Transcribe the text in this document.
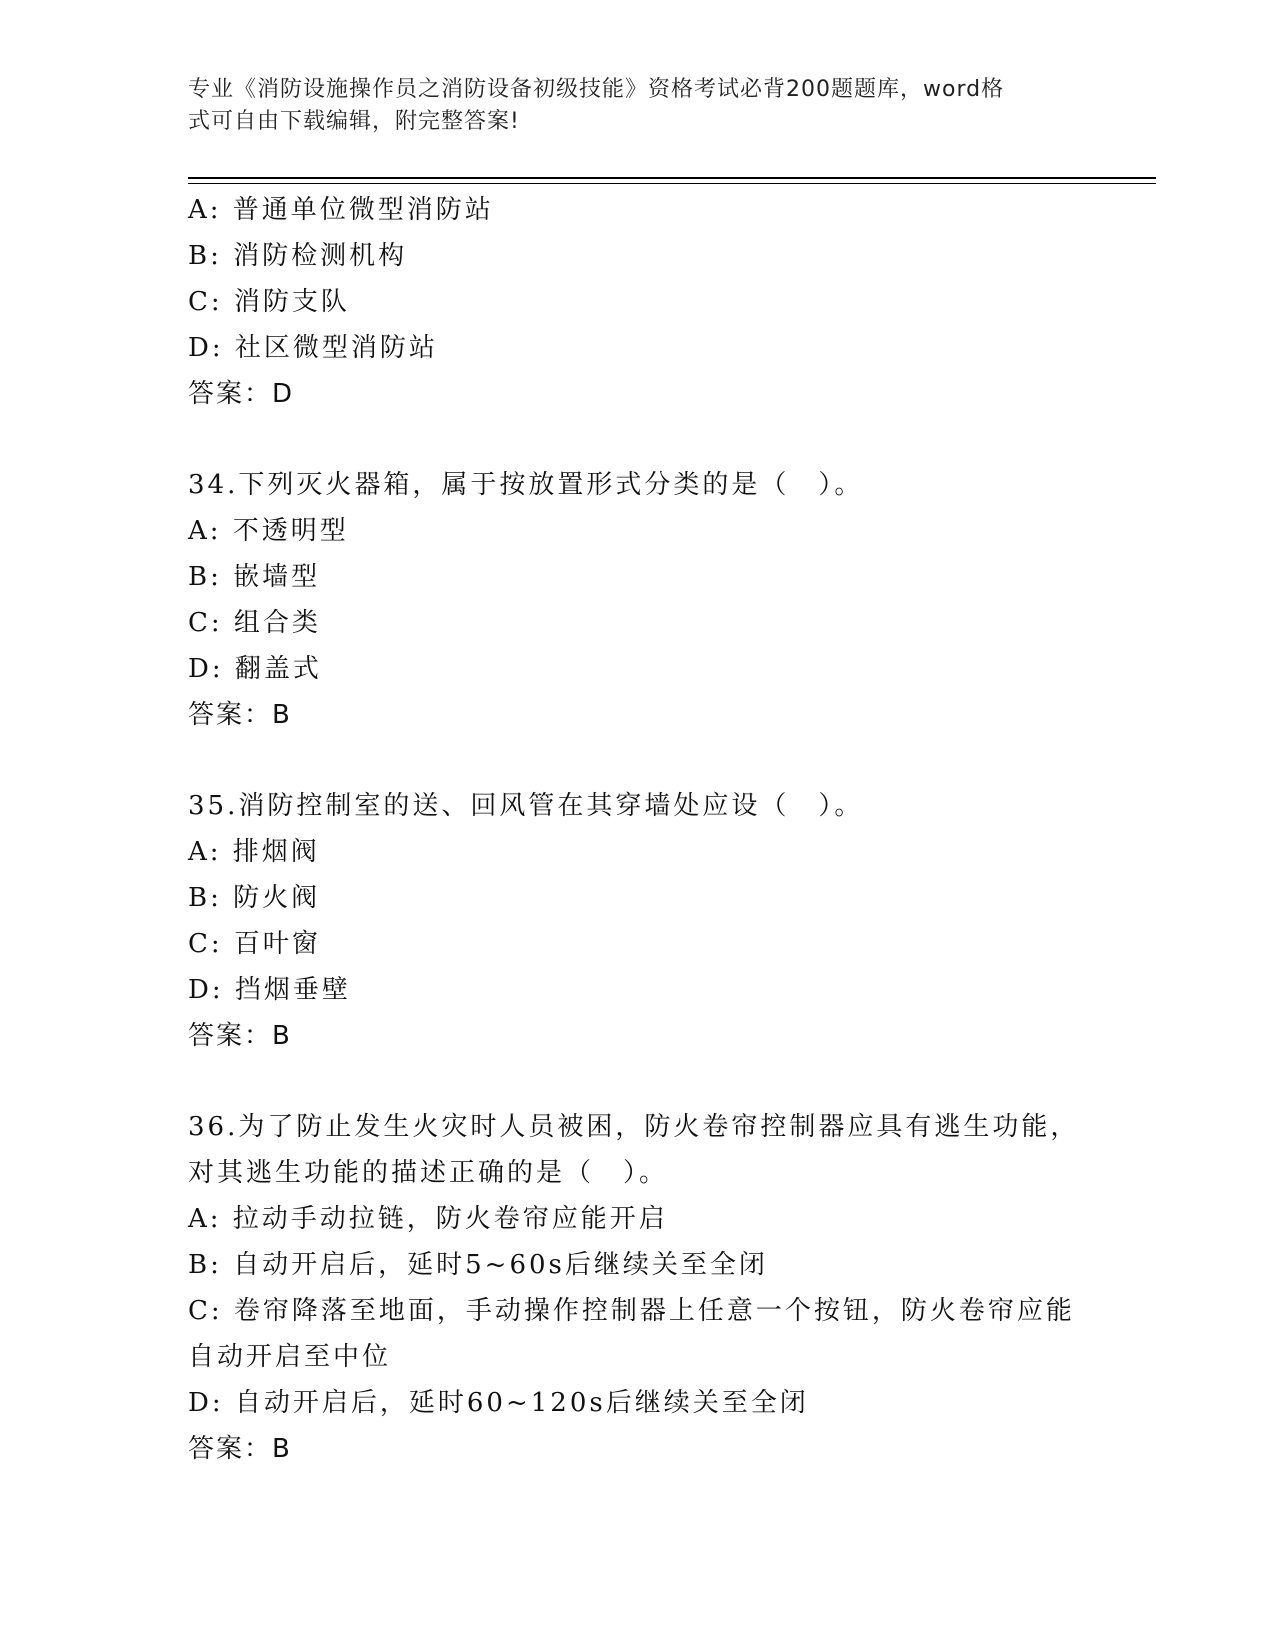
专业《消防设施操作员之消防设备初级技能》资格考试必背200题题库，word格
式可自由下载编辑，附完整答案!
A: 普通单位微型消防站
B: 消防检测机构
C: 消防支队
D: 社区微型消防站
答案：D
34.下列灭火器箱，属于按放置形式分类的是（　）。
A: 不透明型
B: 嵌墙型
C: 组合类
D: 翻盖式
答案：B
35.消防控制室的送、回风管在其穿墙处应设（　）。
A: 排烟阀
B: 防火阀
C: 百叶窗
D: 挡烟垂壁
答案：B
36.为了防止发生火灾时人员被困，防火卷帘控制器应具有逃生功能，
对其逃生功能的描述正确的是（　）。
A: 拉动手动拉链，防火卷帘应能开启
B: 自动开启后，延时5~60s后继续关至全闭
C: 卷帘降落至地面，手动操作控制器上任意一个按钮，防火卷帘应能
自动开启至中位
D: 自动开启后，延时60~120s后继续关至全闭
答案：B
